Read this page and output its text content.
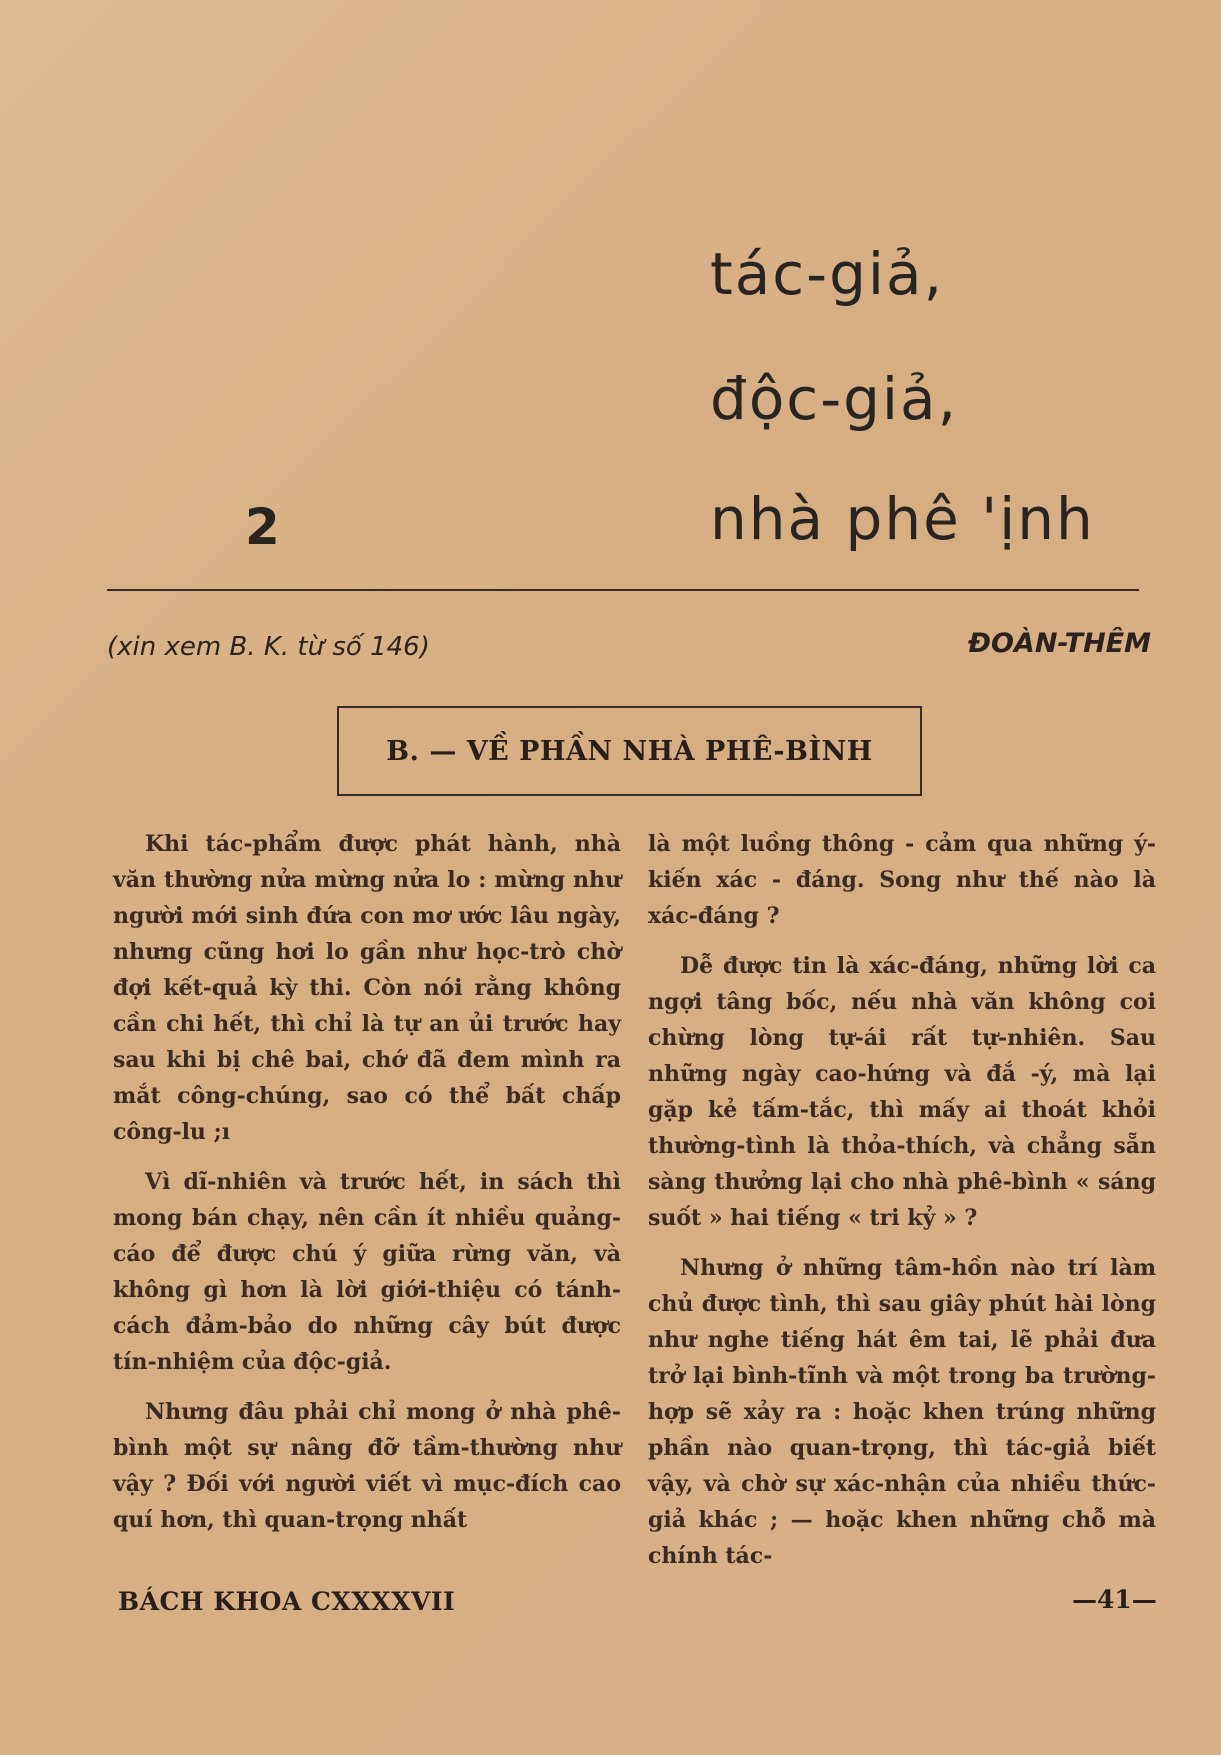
tác-giả,
độc-giả,
nhà phê 'ịnh
2
(xin xem B. K. từ số 146)	ĐOÀN-THÊM
B. — VỀ PHẦN NHÀ PHÊ-BÌNH

Khi tác-phẩm được phát hành, nhà văn thường nửa mừng nửa lo : mừng như người mới sinh đứa con mơ ước lâu ngày, nhưng cũng hơi lo gần như học-trò chờ đợi kết-quả kỳ thi. Còn nói rằng không cần chi hết, thì chỉ là tự an ủi trước hay sau khi bị chê bai, chớ đã đem mình ra mắt công-chúng, sao có thể bất chấp công-lu ;ı

Vì dĩ-nhiên và trước hết, in sách thì mong bán chạy, nên cần ít nhiều quảng-cáo để được chú ý giữa rừng văn, và không gì hơn là lời giới-thiệu có tánh-cách đảm-bảo do những cây bút được tín-nhiệm của độc-giả.

Nhưng đâu phải chỉ mong ở nhà phê-bình một sự nâng đỡ tầm-thường như vậy ? Đối với người viết vì mục-đích cao quí hơn, thì quan-trọng nhất

là một luồng thông - cảm qua những ý-kiến xác - đáng. Song như thế nào là xác-đáng ?

Dễ được tin là xác-đáng, những lời ca ngợi tâng bốc, nếu nhà văn không coi chừng lòng tự-ái rất tự-nhiên. Sau những ngày cao-hứng và đắ -ý, mà lại gặp kẻ tấm-tắc, thì mấy ai thoát khỏi thường-tình là thỏa-thích, và chẳng sẵn sàng thưởng lại cho nhà phê-bình « sáng suốt » hai tiếng « tri kỷ » ?

Nhưng ở những tâm-hồn nào trí làm chủ được tình, thì sau giây phút hài lòng như nghe tiếng hát êm tai, lẽ phải đưa trở lại bình-tĩnh và một trong ba trường-hợp sẽ xảy ra : hoặc khen trúng những phần nào quan-trọng, thì tác-giả biết vậy, và chờ sự xác-nhận của nhiều thức-giả khác ; — hoặc khen những chỗ mà chính tác-

BÁCH KHOA CXXXXVII	—41—
